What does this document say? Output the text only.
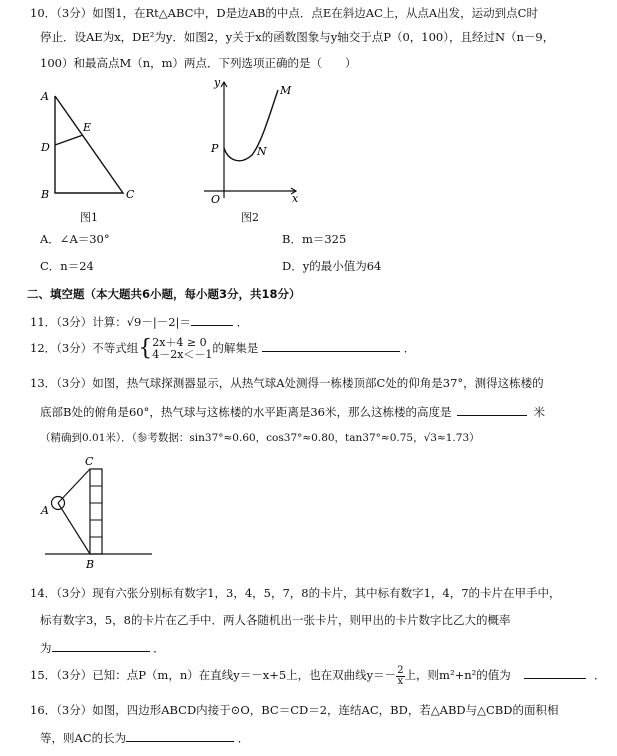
10．（3分）如图1，在Rt△ABC中，D是边AB的中点．点E在斜边AC上，从点A出发，运动到点C时
停止．设AE为x，DE²为y．如图2，y关于x的函数图象与y轴交于点P（0，100），且经过N（n－9，
100）和最高点M（n，m）两点．下列选项正确的是（　　）
A
D
B	C
E
图1
y
x
O
P	N
M
图2
A．∠A＝30°	B．m＝325
C．n＝24	D．y的最小值为64
二、填空题（本大题共6小题，每小题3分，共18分）
11．（3分）计算：√9－|－2|＝	．
12．（3分）不等式组{ 2x＋4 ≥ 0
4－2x＜－1 的解集是	．
13．（3分）如图，热气球探测器显示，从热气球A处测得一栋楼顶部C处的仰角是37°，测得这栋楼的
底部B处的俯角是60°，热气球与这栋楼的水平距离是36米，那么这栋楼的高度是	米
（精确到0.01米）．（参考数据：sin37°≈0.60，cos37°≈0.80，tan37°≈0.75，√3≈1.73）
C
A
B
14．（3分）现有六张分别标有数字1，3，4，5，7，8的卡片，其中标有数字1，4，7的卡片在甲手中，
标有数字3，5，8的卡片在乙手中．两人各随机出一张卡片，则甲出的卡片数字比乙大的概率
为	．
15．（3分）已知：点P（m，n）在直线y＝－x+5上，也在双曲线$y=- \frac{2}{x}$ 上，则m²+n²的值为	．
16．（3分）如图，四边形ABCD内接于⊙O，BC＝CD＝2，连结AC，BD，若△ABD与△CBD的面积相
等，则AC的长为	．
